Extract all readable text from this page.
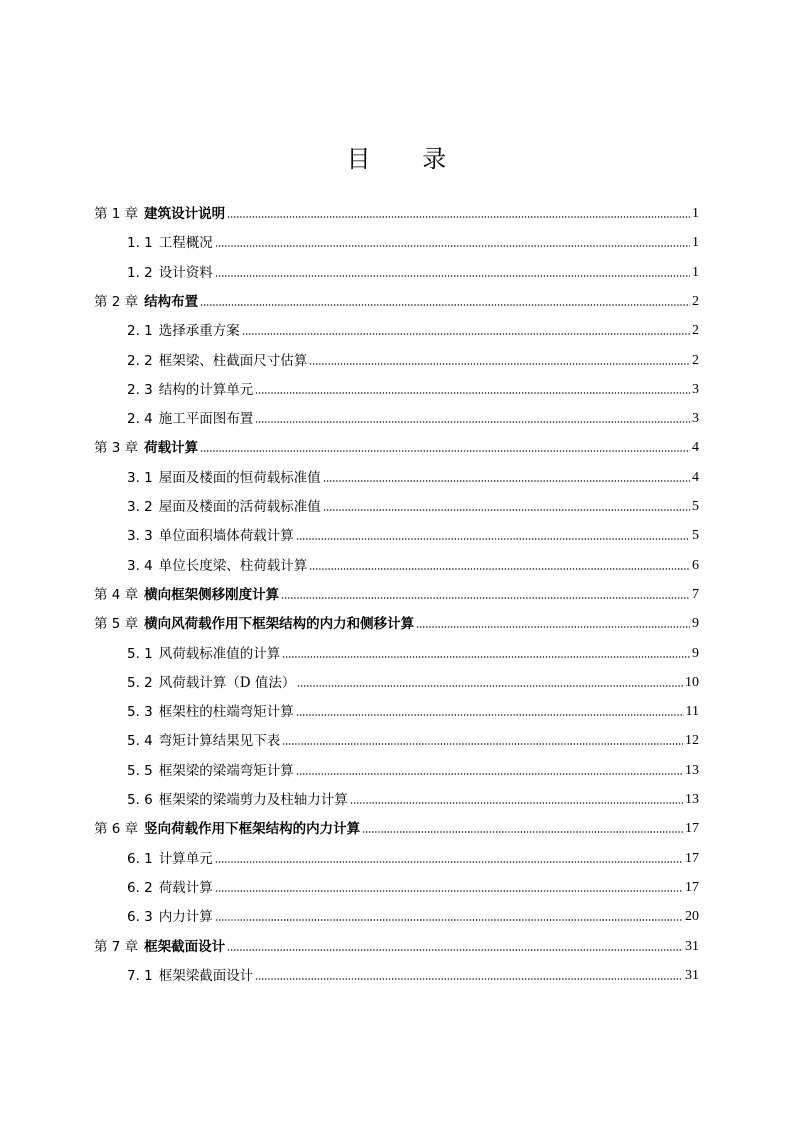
目 录
第 1 章 建筑设计说明	1
1. 1 工程概况	1
1. 2 设计资料	1
第 2 章 结构布置	2
2. 1 选择承重方案	2
2. 2 框架梁、柱截面尺寸估算	2
2. 3 结构的计算单元	3
2. 4 施工平面图布置	3
第 3 章 荷载计算	4
3. 1 屋面及楼面的恒荷载标准值	4
3. 2 屋面及楼面的活荷载标准值	5
3. 3 单位面积墙体荷载计算	5
3. 4 单位长度梁、柱荷载计算	6
第 4 章 横向框架侧移刚度计算	7
第 5 章 横向风荷载作用下框架结构的内力和侧移计算	9
5. 1 风荷载标准值的计算	9
5. 2 风荷载计算（D 值法）	10
5. 3 框架柱的柱端弯矩计算	11
5. 4 弯矩计算结果见下表	12
5. 5 框架梁的梁端弯矩计算	13
5. 6 框架梁的梁端剪力及柱轴力计算	13
第 6 章 竖向荷载作用下框架结构的内力计算	17
6. 1 计算单元	17
6. 2 荷载计算	17
6. 3 内力计算	20
第 7 章 框架截面设计	31
7. 1 框架梁截面设计	31
